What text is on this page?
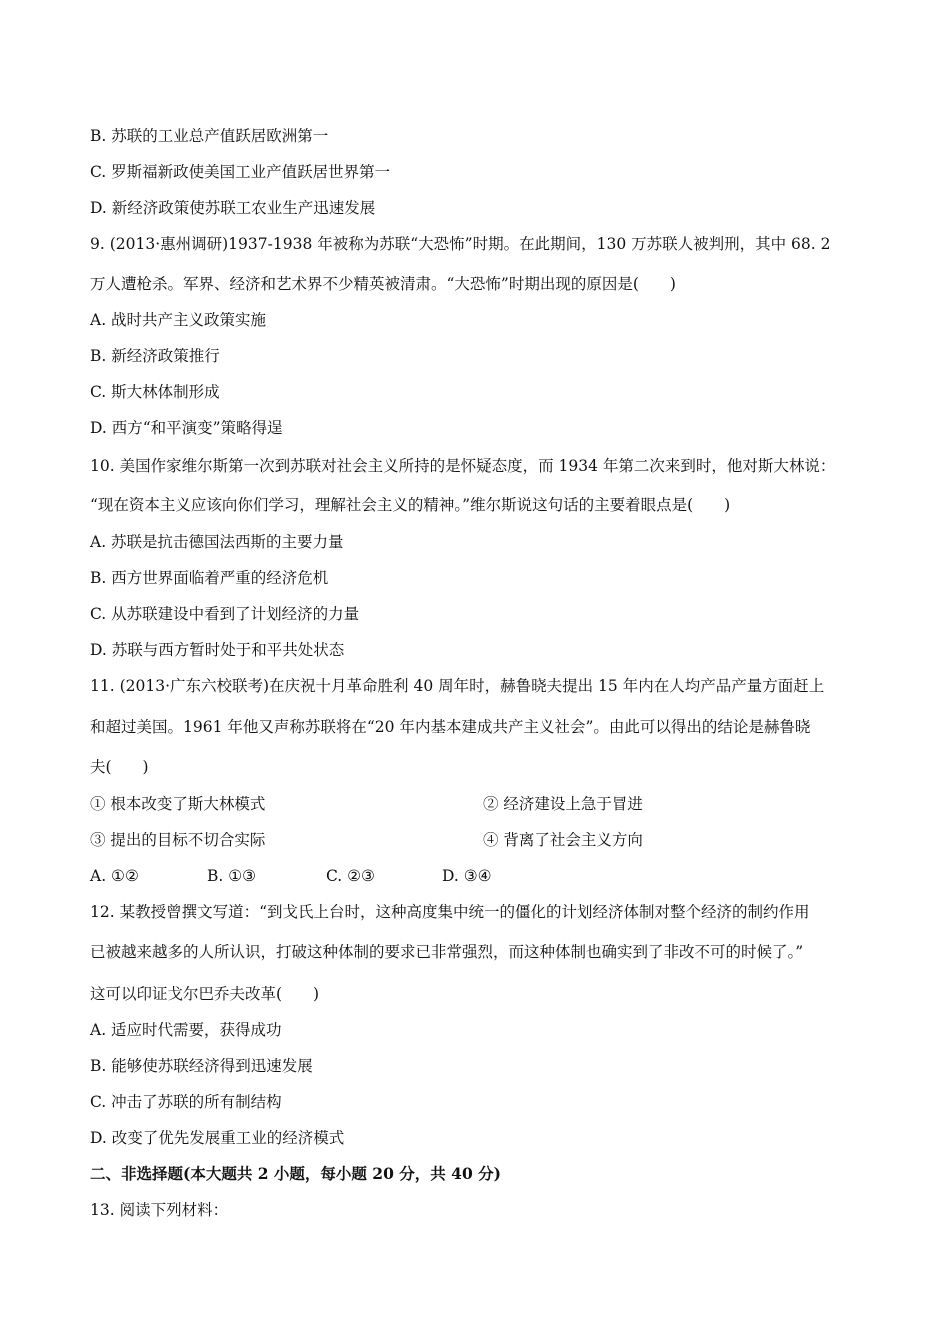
B. 苏联的工业总产值跃居欧洲第一
C. 罗斯福新政使美国工业产值跃居世界第一
D. 新经济政策使苏联工农业生产迅速发展
9. (2013·惠州调研)1937-1938 年被称为苏联“大恐怖”时期。在此期间，130 万苏联人被判刑，其中 68. 2
万人遭枪杀。军界、经济和艺术界不少精英被清肃。“大恐怖”时期出现的原因是(　　)
A. 战时共产主义政策实施
B. 新经济政策推行
C. 斯大林体制形成
D. 西方“和平演变”策略得逞
10. 美国作家维尔斯第一次到苏联对社会主义所持的是怀疑态度，而 1934 年第二次来到时，他对斯大林说：
“现在资本主义应该向你们学习，理解社会主义的精神。”维尔斯说这句话的主要着眼点是(　　)
A. 苏联是抗击德国法西斯的主要力量
B. 西方世界面临着严重的经济危机
C. 从苏联建设中看到了计划经济的力量
D. 苏联与西方暂时处于和平共处状态
11. (2013·广东六校联考)在庆祝十月革命胜利 40 周年时，赫鲁晓夫提出 15 年内在人均产品产量方面赶上
和超过美国。1961 年他又声称苏联将在“20 年内基本建成共产主义社会”。由此可以得出的结论是赫鲁晓
夫(　　)
① 根本改变了斯大林模式	② 经济建设上急于冒进
③ 提出的目标不切合实际	④ 背离了社会主义方向
A. ①②	B. ①③	C. ②③	D. ③④
12. 某教授曾撰文写道：“到戈氏上台时，这种高度集中统一的僵化的计划经济体制对整个经济的制约作用
已被越来越多的人所认识，打破这种体制的要求已非常强烈，而这种体制也确实到了非改不可的时候了。”
这可以印证戈尔巴乔夫改革(　　)
A. 适应时代需要，获得成功
B. 能够使苏联经济得到迅速发展
C. 冲击了苏联的所有制结构
D. 改变了优先发展重工业的经济模式
二、非选择题(本大题共 2 小题，每小题 20 分，共 40 分)
13. 阅读下列材料：
